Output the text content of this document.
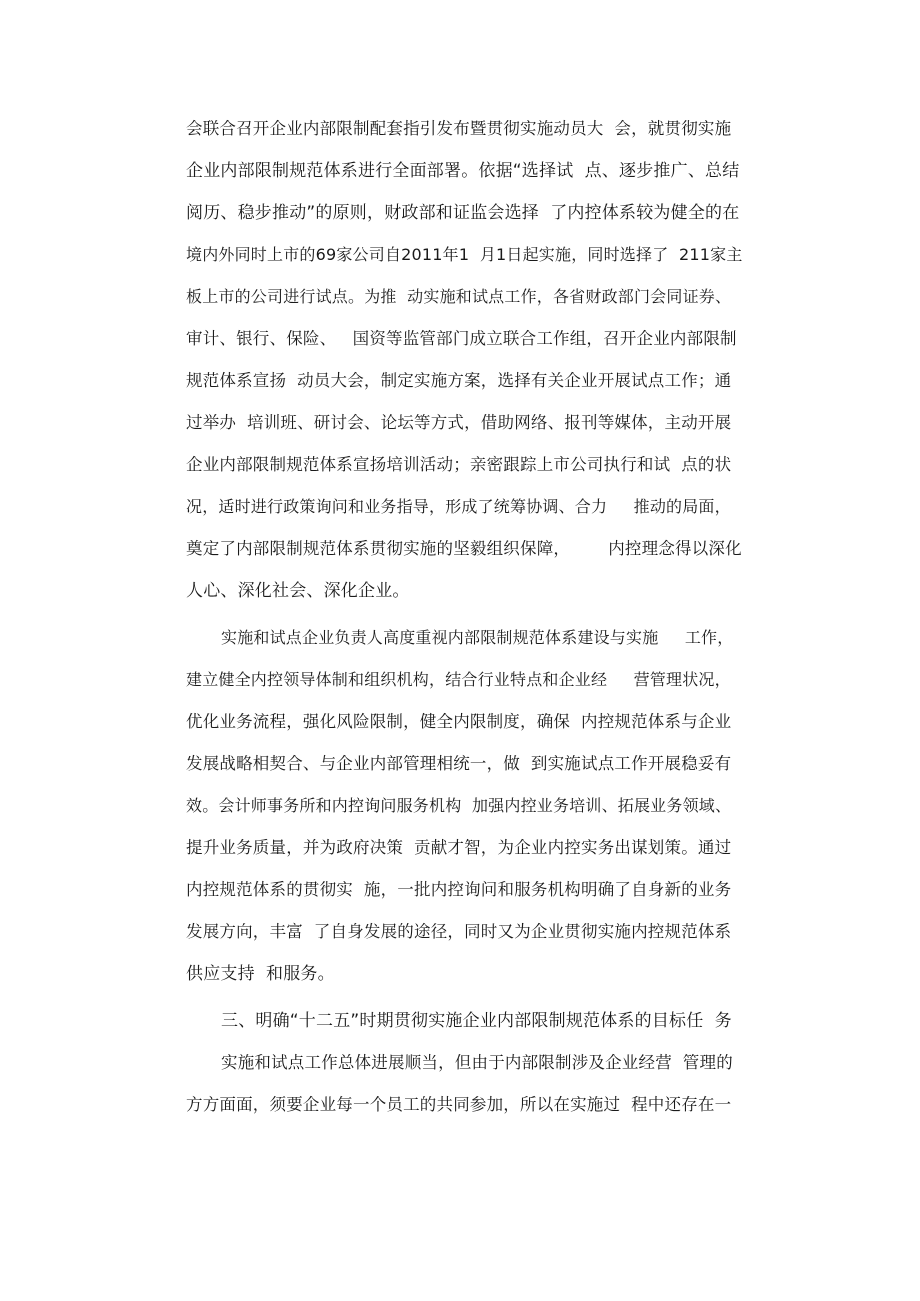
会联合召开企业内部限制配套指引发布暨贯彻实施动员大  会，就贯彻实施
企业内部限制规范体系进行全面部署。依据“选择试  点、逐步推广、总结
阅历、稳步推动”的原则，财政部和证监会选择  了内控体系较为健全的在
境内外同时上市的69家公司自2011年1  月1日起实施，同时选择了  211家主
板上市的公司进行试点。为推  动实施和试点工作，各省财政部门会同证券、
审计、银行、保险、   国资等监管部门成立联合工作组，召开企业内部限制
规范体系宣扬  动员大会，制定实施方案，选择有关企业开展试点工作；通
过举办  培训班、研讨会、论坛等方式，借助网络、报刊等媒体，主动开展
企业内部限制规范体系宣扬培训活动；亲密跟踪上市公司执行和试  点的状
况，适时进行政策询问和业务指导，形成了统筹协调、合力     推动的局面，
奠定了内部限制规范体系贯彻实施的坚毅组织保障，       内控理念得以深化
人心、深化社会、深化企业。
实施和试点企业负责人高度重视内部限制规范体系建设与实施     工作，
建立健全内控领导体制和组织机构，结合行业特点和企业经     营管理状况，
优化业务流程，强化风险限制，健全内限制度，确保  内控规范体系与企业
发展战略相契合、与企业内部管理相统一，做  到实施试点工作开展稳妥有
效。会计师事务所和内控询问服务机构  加强内控业务培训、拓展业务领域、
提升业务质量，并为政府决策  贡献才智，为企业内控实务出谋划策。通过
内控规范体系的贯彻实  施，一批内控询问和服务机构明确了自身新的业务
发展方向，丰富  了自身发展的途径，同时又为企业贯彻实施内控规范体系
供应支持  和服务。
三、明确“十二五”时期贯彻实施企业内部限制规范体系的目标任  务
实施和试点工作总体进展顺当，但由于内部限制涉及企业经营  管理的
方方面面，须要企业每一个员工的共同参加，所以在实施过  程中还存在一
